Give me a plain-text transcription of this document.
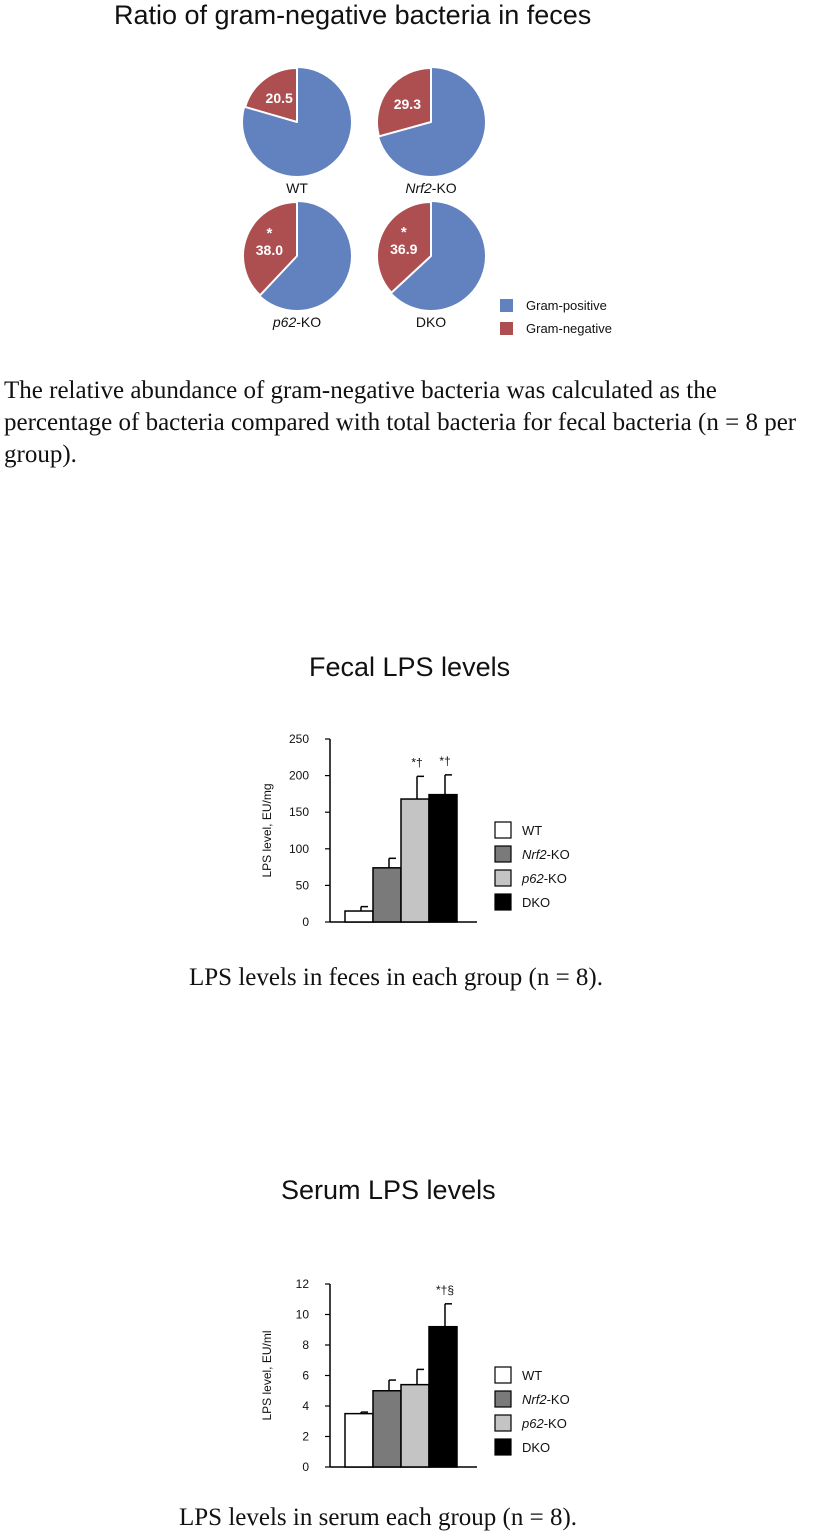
Ratio of gram-negative bacteria in feces
20.5
WT
29.3
Nrf2-KO
*
38.0
p62-KO
*
36.9
DKO
Gram-positive
Gram-negative
The relative abundance of gram-negative bacteria was calculated as the percentage of bacteria compared with total bacteria for fecal bacteria (n = 8 per group).
Fecal LPS levels
0
50
100
150
200
250
LPS level, EU/mg
*† *†
WT
Nrf2-KO
p62-KO
DKO
LPS levels in feces in each group (n = 8).
Serum LPS levels
0
2
4
6
8
10
12
LPS level, EU/ml
*†§
WT
Nrf2-KO
p62-KO
DKO
LPS levels in serum each group (n = 8).
